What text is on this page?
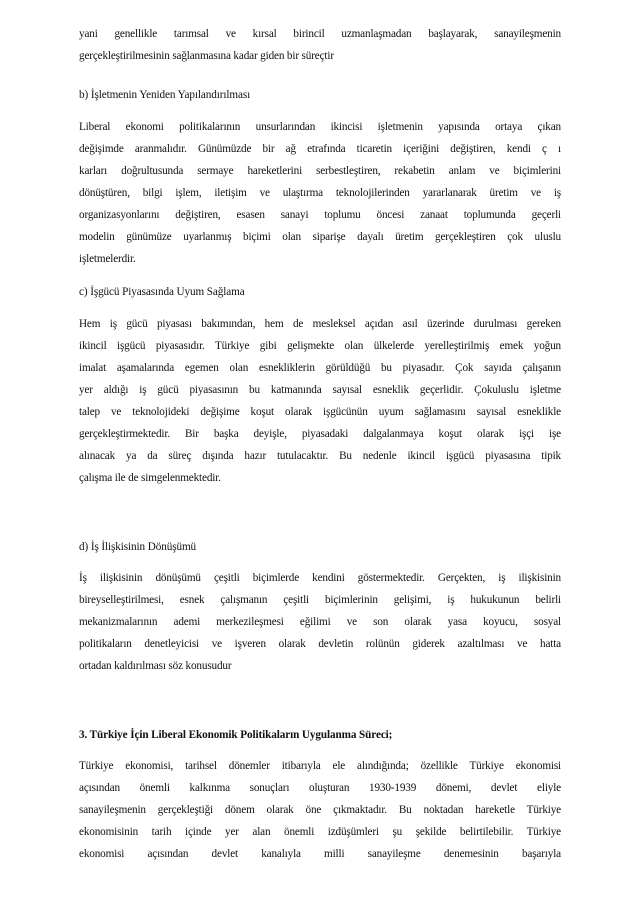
yani genellikle tarımsal ve kırsal birincil uzmanlaşmadan başlayarak, sanayileşmenin
gerçekleştirilmesinin sağlanmasına kadar giden bir süreçtir
b) İşletmenin Yeniden Yapılandırılması
Liberal ekonomi politikalarının unsurlarından ikincisi işletmenin yapısında ortaya çıkan
değişimde aranmalıdır. Günümüzde bir ağ etrafında ticaretin içeriğini değiştiren, kendi ç ı
karları doğrultusunda sermaye hareketlerini serbestleştiren, rekabetin anlam ve biçimlerini
dönüştüren, bilgi işlem, iletişim ve ulaştırma teknolojilerinden yararlanarak üretim ve iş
organizasyonlarını değiştiren, esasen sanayi toplumu öncesi zanaat toplumunda geçerli
modelin günümüze uyarlanmış biçimi olan siparişe dayalı üretim gerçekleştiren çok uluslu
işletmelerdir.
c) İşgücü Piyasasında Uyum Sağlama
Hem iş gücü piyasası bakımından, hem de mesleksel açıdan asıl üzerinde durulması gereken
ikincil işgücü piyasasıdır. Türkiye gibi gelişmekte olan ülkelerde yerelleştirilmiş emek yoğun
imalat aşamalarında egemen olan esnekliklerin görüldüğü bu piyasadır. Çok sayıda çalışanın
yer aldığı iş gücü piyasasının bu katmanında sayısal esneklik geçerlidir. Çokuluslu işletme
talep ve teknolojideki değişime koşut olarak işgücünün uyum sağlamasını sayısal esneklikle
gerçekleştirmektedir. Bir başka deyişle, piyasadaki dalgalanmaya koşut olarak işçi işe
alınacak ya da süreç dışında hazır tutulacaktır. Bu nedenle ikincil işgücü piyasasına tipik
çalışma ile de simgelenmektedir.
d) İş İlişkisinin Dönüşümü
İş ilişkisinin dönüşümü çeşitli biçimlerde kendini göstermektedir. Gerçekten, iş ilişkisinin
bireyselleştirilmesi, esnek çalışmanın çeşitli biçimlerinin gelişimi, iş hukukunun belirli
mekanizmalarının ademi merkezileşmesi eğilimi ve son olarak yasa koyucu, sosyal
politikaların denetleyicisi ve işveren olarak devletin rolünün giderek azaltılması ve hatta
ortadan kaldırılması söz konusudur
3. Türkiye İçin Liberal Ekonomik Politikaların Uygulanma Süreci;
Türkiye ekonomisi, tarihsel dönemler itibarıyla ele alındığında; özellikle Türkiye ekonomisi
açısından önemli kalkınma sonuçları oluşturan 1930-1939 dönemi, devlet eliyle
sanayileşmenin gerçekleştiği dönem olarak öne çıkmaktadır. Bu noktadan hareketle Türkiye
ekonomisinin tarih içinde yer alan önemli izdüşümleri şu şekilde belirtilebilir. Türkiye
ekonomisi açısından devlet kanalıyla milli sanayileşme denemesinin başarıyla
